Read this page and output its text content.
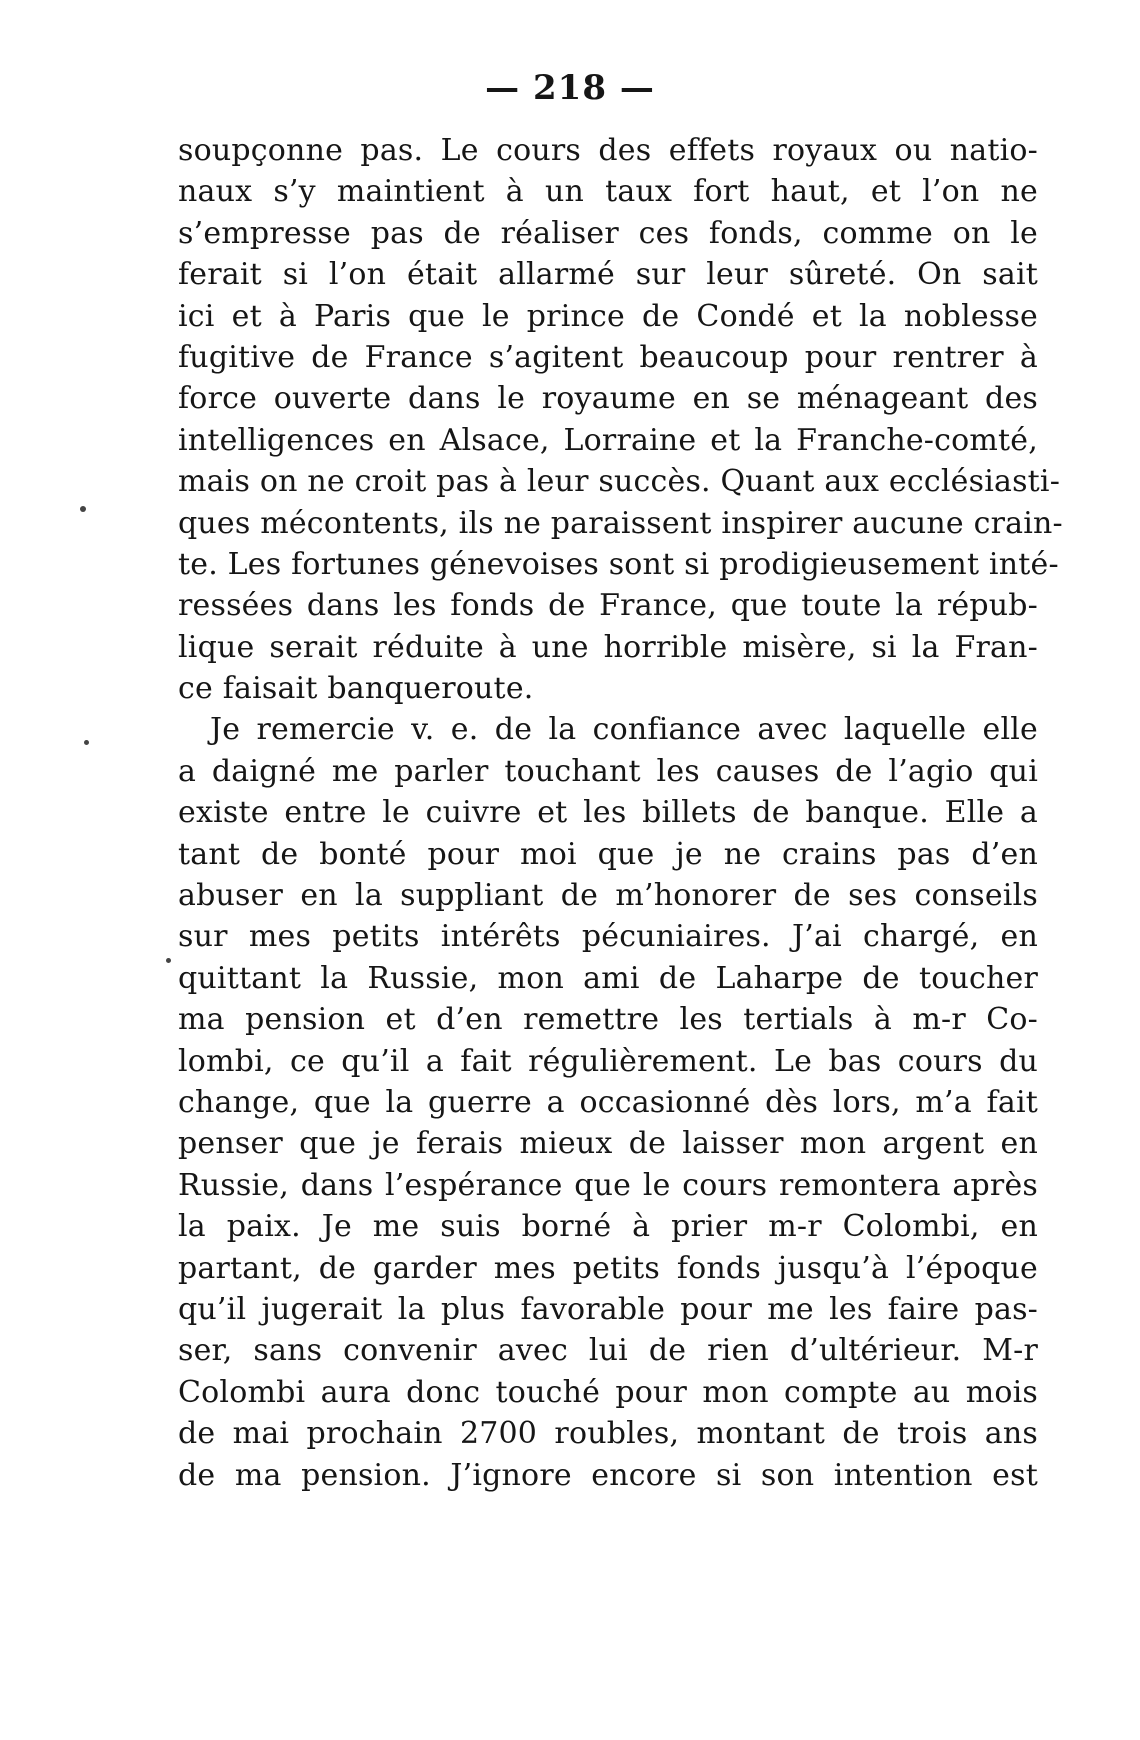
— 218 —
soupçonne pas. Le cours des effets royaux ou natio-
naux s’y maintient à un taux fort haut, et l’on ne
s’empresse pas de réaliser ces fonds, comme on le
ferait si l’on était allarmé sur leur sûreté. On sait
ici et à Paris que le prince de Condé et la noblesse
fugitive de France s’agitent beaucoup pour rentrer à
force ouverte dans le royaume en se ménageant des
intelligences en Alsace, Lorraine et la Franche-comté,
mais on ne croit pas à leur succès. Quant aux ecclésiasti-
ques mécontents, ils ne paraissent inspirer aucune crain-
te. Les fortunes génevoises sont si prodigieusement inté-
ressées dans les fonds de France, que toute la répub-
lique serait réduite à une horrible misère, si la Fran-
ce faisait banqueroute.
Je remercie v. e. de la confiance avec laquelle elle
a daigné me parler touchant les causes de l’agio qui
existe entre le cuivre et les billets de banque. Elle a
tant de bonté pour moi que je ne crains pas d’en
abuser en la suppliant de m’honorer de ses conseils
sur mes petits intérêts pécuniaires. J’ai chargé, en
quittant la Russie, mon ami de Laharpe de toucher
ma pension et d’en remettre les tertials à m-r Co-
lombi, ce qu’il a fait régulièrement. Le bas cours du
change, que la guerre a occasionné dès lors, m’a fait
penser que je ferais mieux de laisser mon argent en
Russie, dans l’espérance que le cours remontera après
la paix. Je me suis borné à prier m-r Colombi, en
partant, de garder mes petits fonds jusqu’à l’époque
qu’il jugerait la plus favorable pour me les faire pas-
ser, sans convenir avec lui de rien d’ultérieur. M-r
Colombi aura donc touché pour mon compte au mois
de mai prochain 2700 roubles, montant de trois ans
de ma pension. J’ignore encore si son intention est
